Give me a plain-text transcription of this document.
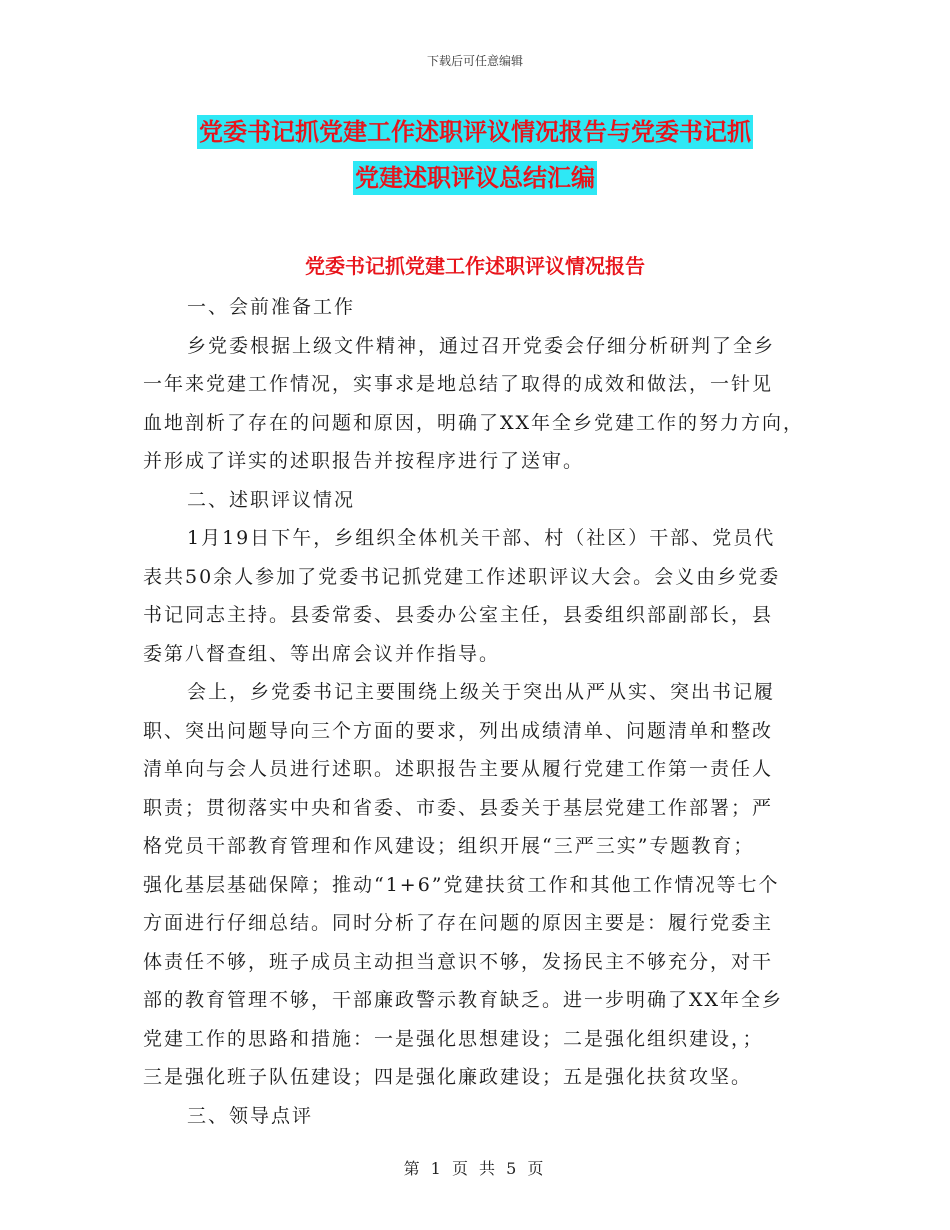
下载后可任意编辑
党委书记抓党建工作述职评议情况报告与党委书记抓
党建述职评议总结汇编
党委书记抓党建工作述职评议情况报告
一、会前准备工作
乡党委根据上级文件精神，通过召开党委会仔细分析研判了全乡
一年来党建工作情况，实事求是地总结了取得的成效和做法，一针见
血地剖析了存在的问题和原因，明确了XX年全乡党建工作的努力方向，
并形成了详实的述职报告并按程序进行了送审。
二、述职评议情况
1月19日下午，乡组织全体机关干部、村（社区）干部、党员代
表共50余人参加了党委书记抓党建工作述职评议大会。会义由乡党委
书记同志主持。县委常委、县委办公室主任，县委组织部副部长，县
委第八督查组、等出席会议并作指导。
会上，乡党委书记主要围绕上级关于突出从严从实、突出书记履
职、突出问题导向三个方面的要求，列出成绩清单、问题清单和整改
清单向与会人员进行述职。述职报告主要从履行党建工作第一责任人
职责；贯彻落实中央和省委、市委、县委关于基层党建工作部署；严
格党员干部教育管理和作风建设；组织开展“三严三实”专题教育；
强化基层基础保障；推动“1+6”党建扶贫工作和其他工作情况等七个
方面进行仔细总结。同时分析了存在问题的原因主要是：履行党委主
体责任不够，班子成员主动担当意识不够，发扬民主不够充分，对干
部的教育管理不够，干部廉政警示教育缺乏。进一步明确了XX年全乡
党建工作的思路和措施：一是强化思想建设；二是强化组织建设，；
三是强化班子队伍建设；四是强化廉政建设；五是强化扶贫攻坚。
三、领导点评
第 1 页 共 5 页
